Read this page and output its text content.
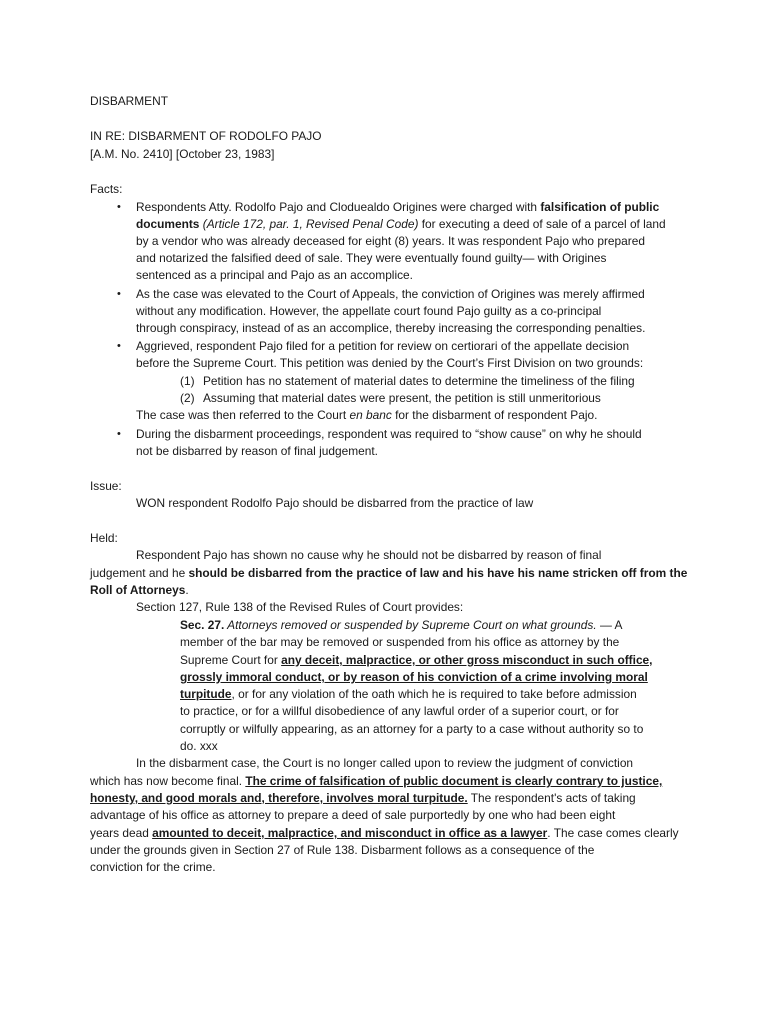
DISBARMENT
IN RE: DISBARMENT OF RODOLFO PAJO
[A.M. No. 2410] [October 23, 1983]
Facts:
• Respondents Atty. Rodolfo Pajo and Cloduealdo Origines were charged with falsification of public
documents (Article 172, par. 1, Revised Penal Code) for executing a deed of sale of a parcel of land
by a vendor who was already deceased for eight (8) years. It was respondent Pajo who prepared
and notarized the falsified deed of sale. They were eventually found guilty— with Origines
sentenced as a principal and Pajo as an accomplice.
• As the case was elevated to the Court of Appeals, the conviction of Origines was merely affirmed
without any modification. However, the appellate court found Pajo guilty as a co-principal
through conspiracy, instead of as an accomplice, thereby increasing the corresponding penalties.
• Aggrieved, respondent Pajo filed for a petition for review on certiorari of the appellate decision
before the Supreme Court. This petition was denied by the Court’s First Division on two grounds:
(1) Petition has no statement of material dates to determine the timeliness of the filing
(2) Assuming that material dates were present, the petition is still unmeritorious
The case was then referred to the Court en banc for the disbarment of respondent Pajo.
• During the disbarment proceedings, respondent was required to “show cause” on why he should
not be disbarred by reason of final judgement.
Issue:
WON respondent Rodolfo Pajo should be disbarred from the practice of law
Held:
Respondent Pajo has shown no cause why he should not be disbarred by reason of final
judgement and he should be disbarred from the practice of law and his have his name stricken off from the
Roll of Attorneys.
Section 127, Rule 138 of the Revised Rules of Court provides:
Sec. 27. Attorneys removed or suspended by Supreme Court on what grounds. — A
member of the bar may be removed or suspended from his office as attorney by the
Supreme Court for any deceit, malpractice, or other gross misconduct in such office,
grossly immoral conduct, or by reason of his conviction of a crime involving moral
turpitude, or for any violation of the oath which he is required to take before admission
to practice, or for a willful disobedience of any lawful order of a superior court, or for
corruptly or wilfully appearing, as an attorney for a party to a case without authority so to
do. xxx
In the disbarment case, the Court is no longer called upon to review the judgment of conviction
which has now become final. The crime of falsification of public document is clearly contrary to justice,
honesty, and good morals and, therefore, involves moral turpitude. The respondent's acts of taking
advantage of his office as attorney to prepare a deed of sale purportedly by one who had been eight
years dead amounted to deceit, malpractice, and misconduct in office as a lawyer. The case comes clearly
under the grounds given in Section 27 of Rule 138. Disbarment follows as a consequence of the
conviction for the crime.
